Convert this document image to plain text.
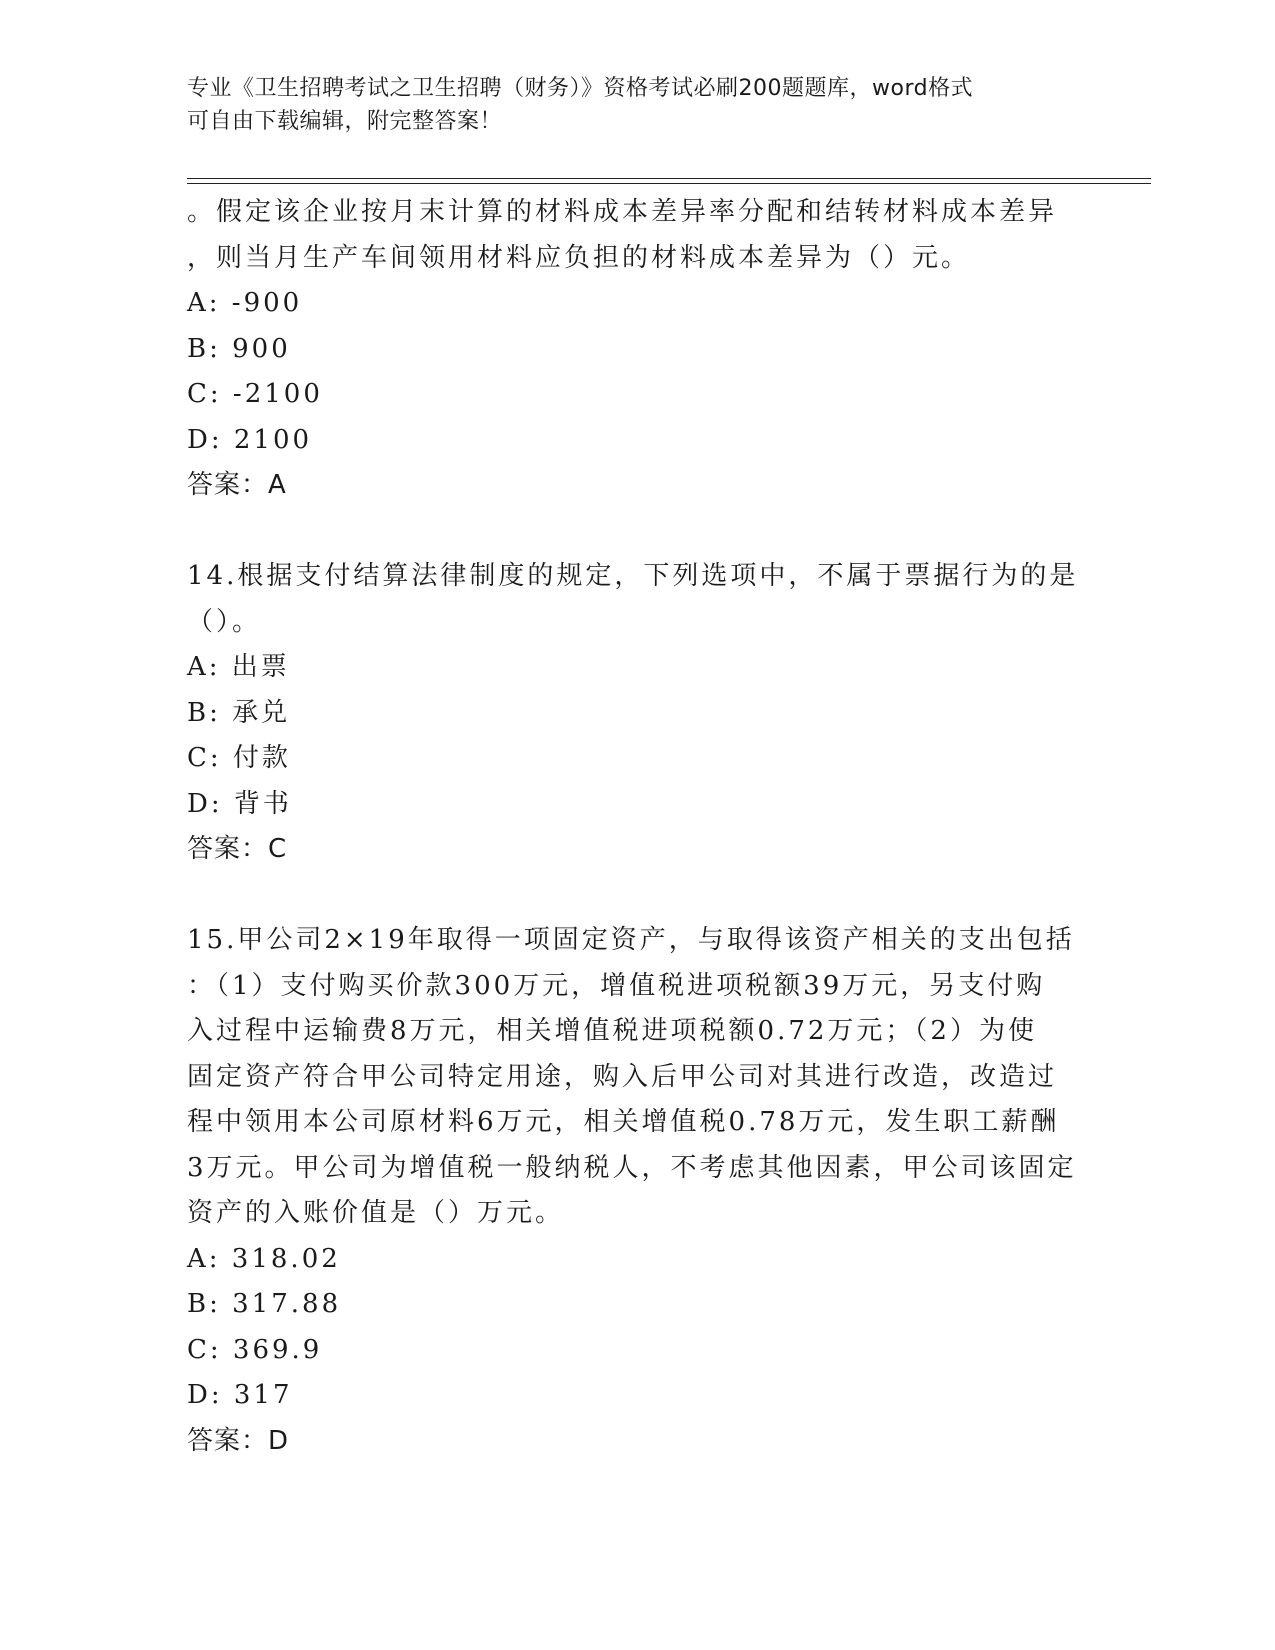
专业《卫生招聘考试之卫生招聘（财务）》资格考试必刷200题题库，word格式
可自由下载编辑，附完整答案！
。假定该企业按月末计算的材料成本差异率分配和结转材料成本差异
，则当月生产车间领用材料应负担的材料成本差异为（）元。
A: -900
B: 900
C: -2100
D: 2100
答案：A
14.根据支付结算法律制度的规定，下列选项中，不属于票据行为的是
（）。
A: 出票
B: 承兑
C: 付款
D: 背书
答案：C
15.甲公司2×19年取得一项固定资产，与取得该资产相关的支出包括
：（1）支付购买价款300万元，增值税进项税额39万元，另支付购
入过程中运输费8万元，相关增值税进项税额0.72万元；（2）为使
固定资产符合甲公司特定用途，购入后甲公司对其进行改造，改造过
程中领用本公司原材料6万元，相关增值税0.78万元，发生职工薪酬
3万元。甲公司为增值税一般纳税人，不考虑其他因素，甲公司该固定
资产的入账价值是（）万元。
A: 318.02
B: 317.88
C: 369.9
D: 317
答案：D
